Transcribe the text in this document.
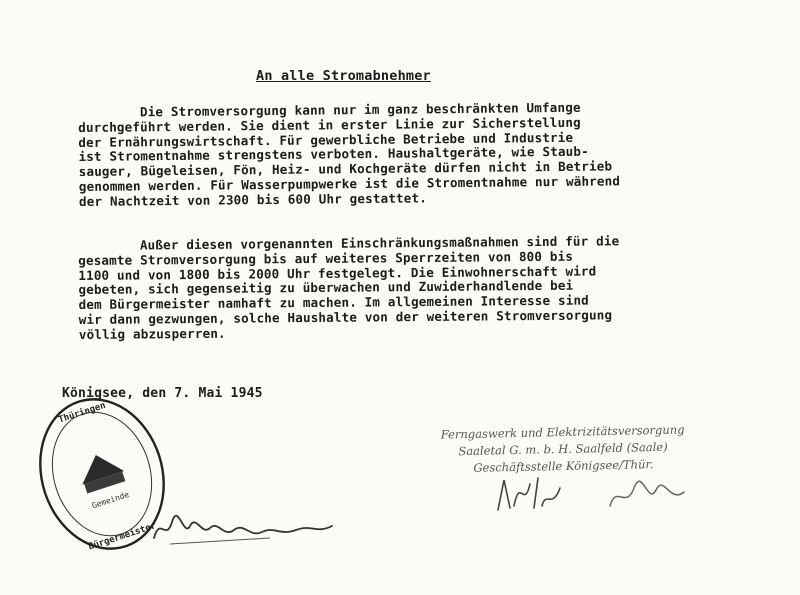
An alle Stromabnehmer
Die Stromversorgung kann nur im ganz beschränkten Umfange
durchgeführt werden. Sie dient in erster Linie zur Sicherstellung
der Ernährungswirtschaft. Für gewerbliche Betriebe und Industrie
ist Stromentnahme strengstens verboten. Haushaltgeräte, wie Staub-
sauger, Bügeleisen, Fön, Heiz- und Kochgeräte dürfen nicht in Betrieb
genommen werden. Für Wasserpumpwerke ist die Stromentnahme nur während
der Nachtzeit von 2300 bis 600 Uhr gestattet.
Außer diesen vorgenannten Einschränkungsmaßnahmen sind für die
gesamte Stromversorgung bis auf weiteres Sperrzeiten von 800 bis
1100 und von 1800 bis 2000 Uhr festgelegt. Die Einwohnerschaft wird
gebeten, sich gegenseitig zu überwachen und Zuwiderhandlende bei
dem Bürgermeister namhaft zu machen. Im allgemeinen Interesse sind
wir dann gezwungen, solche Haushalte von der weiteren Stromversorgung
völlig abzusperren.
Königsee, den 7. Mai 1945
Ferngaswerk und Elektrizitätsversorgung
Saaletal G. m. b. H. Saalfeld (Saale)
Geschäftsstelle Königsee/Thür.
Thüringen
Bürgermeister
Gemeinde
